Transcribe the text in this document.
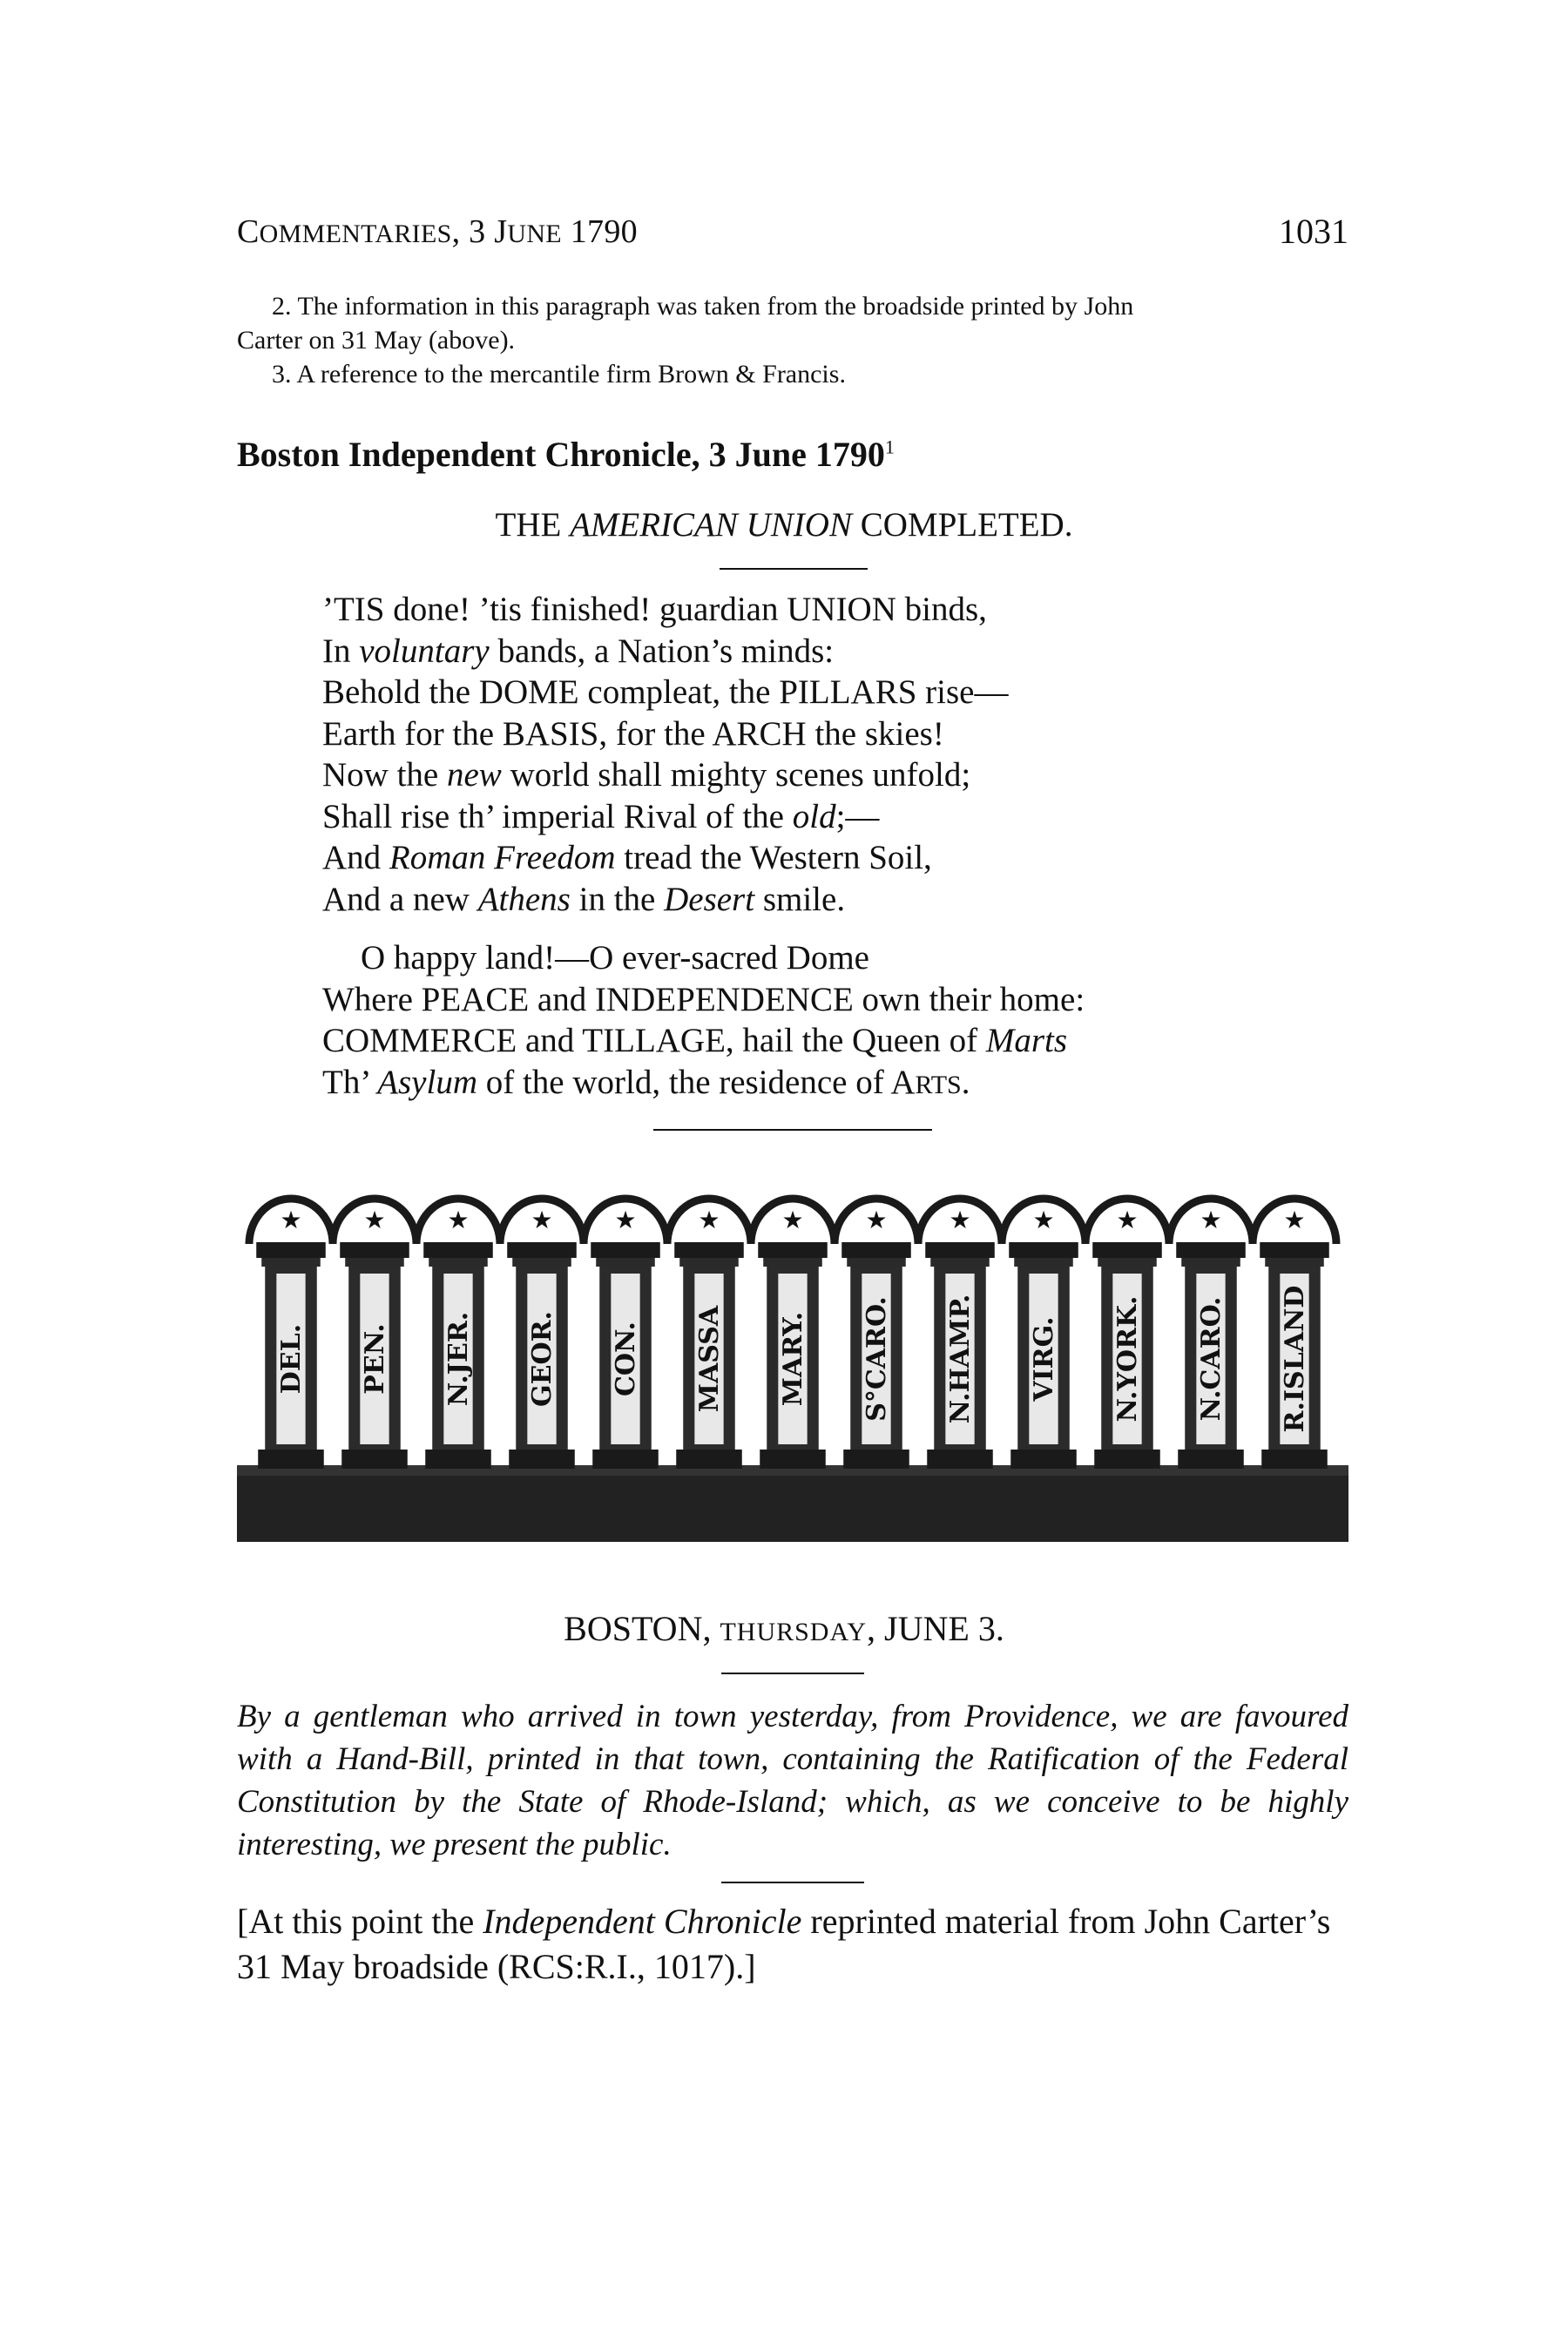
COMMENTARIES, 3 JUNE 1790	1031
2. The information in this paragraph was taken from the broadside printed by John
Carter on 31 May (above).
3. A reference to the mercantile firm Brown & Francis.
Boston Independent Chronicle, 3 June 1790$^1$
THE AMERICAN UNION COMPLETED.
’TIS done! ’tis finished! guardian UNION binds,
In voluntary bands, a Nation’s minds:
Behold the DOME compleat, the PILLARS rise—
Earth for the BASIS, for the ARCH the skies!
Now the new world shall mighty scenes unfold;
Shall rise th’ imperial Rival of the old;—
And Roman Freedom tread the Western Soil,
And a new Athens in the Desert smile.
O happy land!—O ever-sacred Dome
Where PEACE and INDEPENDENCE own their home:
COMMERCE and TILLAGE, hail the Queen of Marts
Th’ Asylum of the world, the residence of ARTS.
★
DEL.
★
PEN.
★
N.JER.
★
GEOR.
★
CON.
★
MASSA
★
MARY.
★
S°CARO.
★
N.HAMP.
★
VIRG.
★
N.YORK.
★
N.CARO.
★
R.ISLAND
BOSTON, THURSDAY, JUNE 3.
By a gentleman who arrived in town yesterday, from Providence, we are favoured with a Hand-Bill, printed in that town, containing the Ratification of the Federal Constitution by the State of Rhode-Island; which, as we conceive to be highly interesting, we present the public.
[At this point the Independent Chronicle reprinted material from John Carter’s 31 May broadside (RCS:R.I., 1017).]
